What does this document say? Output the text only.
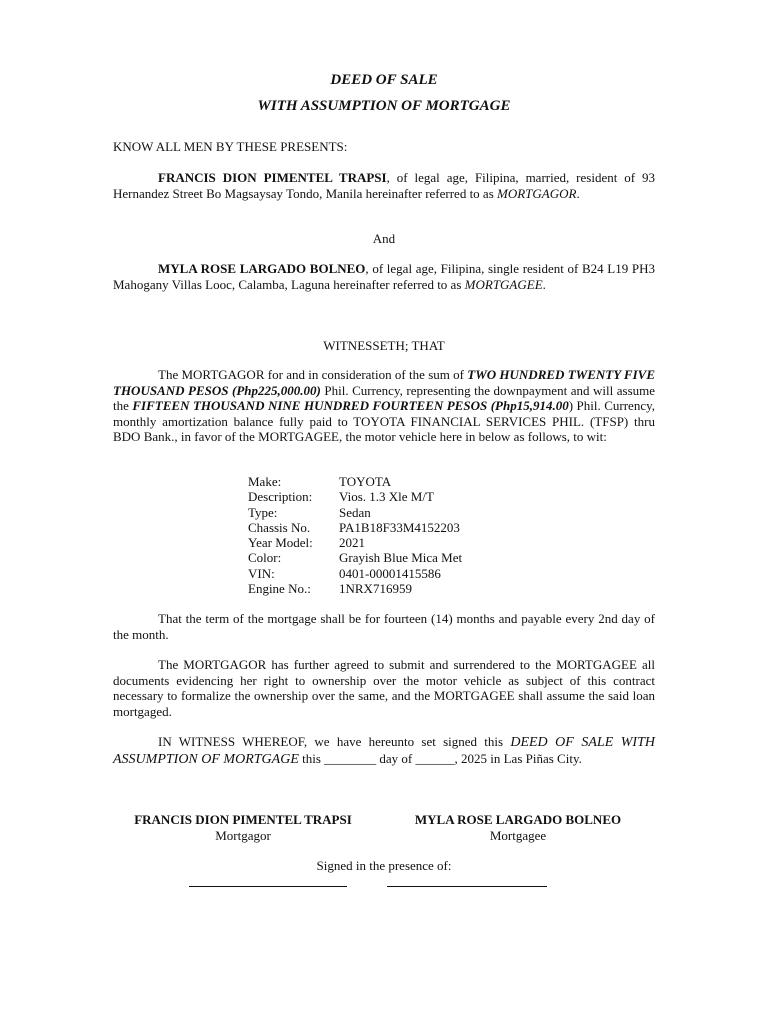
DEED OF SALE
WITH ASSUMPTION OF MORTGAGE
KNOW ALL MEN BY THESE PRESENTS:

FRANCIS DION PIMENTEL TRAPSI, of legal age, Filipina, married, resident of 93 Hernandez Street Bo Magsaysay Tondo, Manila hereinafter referred to as MORTGAGOR.

And

MYLA ROSE LARGADO BOLNEO, of legal age, Filipina, single resident of B24 L19 PH3 Mahogany Villas Looc, Calamba, Laguna hereinafter referred to as MORTGAGEE.

WITNESSETH; THAT

The MORTGAGOR for and in consideration of the sum of TWO HUNDRED TWENTY FIVE THOUSAND PESOS (Php225,000.00) Phil. Currency, representing the downpayment and will assume the FIFTEEN THOUSAND NINE HUNDRED FOURTEEN PESOS (Php15,914.00) Phil. Currency, monthly amortization balance fully paid to TOYOTA FINANCIAL SERVICES PHIL. (TFSP) thru BDO Bank., in favor of the MORTGAGEE, the motor vehicle here in below as follows, to wit:

Make:	TOYOTA
Description: Vios. 1.3 Xle M/T
Type:	Sedan
Chassis No. PA1B18F33M4152203
Year Model: 2021
Color:	Grayish Blue Mica Met
VIN:	0401-00001415586
Engine No.: 1NRX716959

That the term of the mortgage shall be for fourteen (14) months and payable every 2nd day of the month.

The MORTGAGOR has further agreed to submit and surrendered to the MORTGAGEE all documents evidencing her right to ownership over the motor vehicle as subject of this contract necessary to formalize the ownership over the same, and the MORTGAGEE shall assume the said loan mortgaged.

IN WITNESS WHEREOF, we have hereunto set signed this DEED OF SALE WITH ASSUMPTION OF MORTGAGE this ________ day of ______, 2025 in Las Piñas City.

FRANCIS DION PIMENTEL TRAPSI
Mortgagor
MYLA ROSE LARGADO BOLNEO
Mortgagee
Signed in the presence of:
